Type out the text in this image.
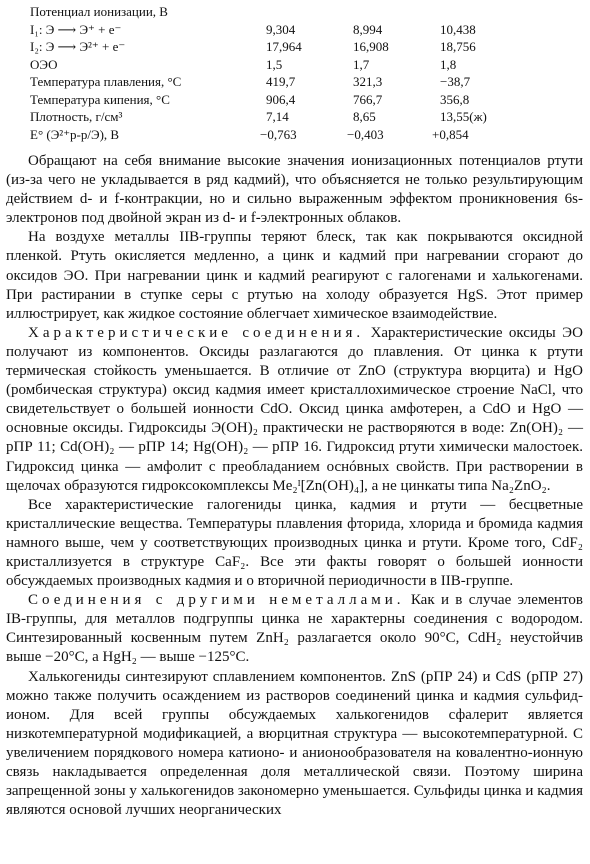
Потенциал ионизации, В
I₁: Э ⟶ Э⁺ + e⁻	9,304	8,994	10,438
I₂: Э ⟶ Э²⁺ + e⁻	17,964	16,908	18,756
ОЭО	1,5	1,7	1,8
Температура плавления, °С	419,7	321,3	−38,7
Температура кипения, °С	906,4	766,7	356,8
Плотность, г/см³	7,14	8,65	13,55(ж)
E° (Э²⁺р-р/Э), В	−0,763	−0,403	+0,854

Обращают на себя внимание высокие значения ионизационных потенциалов ртути (из-за чего не укладывается в ряд кадмий), что объясняется не только результирующим действием d- и f-контракции, но и сильно выраженным эффектом проникновения 6s-электронов под двойной экран из d- и f-электронных облаков.

На воздухе металлы IIB-группы теряют блеск, так как покрываются оксидной пленкой. Ртуть окисляется медленно, а цинк и кадмий при нагревании сгорают до оксидов ЭО. При нагревании цинк и кадмий реагируют с галогенами и халькогенами. При растирании в ступке серы с ртутью на холоду образуется HgS. Этот пример иллюстрирует, как жидкое состояние облегчает химическое взаимодействие.

Характеристические соединения. Характеристические оксиды ЭО получают из компонентов. Оксиды разлагаются до плавления. От цинка к ртути термическая стойкость уменьшается. В отличие от ZnO (структура вюрцита) и HgO (ромбическая структура) оксид кадмия имеет кристаллохимическое строение NaCl, что свидетельствует о большей ионности CdO. Оксид цинка амфотерен, а CdO и HgO — основные оксиды. Гидроксиды Э(OH)₂ практически не растворяются в воде: Zn(OH)₂ — рПР 11; Cd(OH)₂ — рПР 14; Hg(OH)₂ — рПР 16. Гидроксид ртути химически малостоек. Гидроксид цинка — амфолит с преобладанием оснóвных свойств. При растворении в щелочах образуются гидроксокомплексы Me₂ᴵ[Zn(OH)₄], а не цинкаты типа Na₂ZnO₂.

Все характеристические галогениды цинка, кадмия и ртути — бесцветные кристаллические вещества. Температуры плавления фторида, хлорида и бромида кадмия намного выше, чем у соответствующих производных цинка и ртути. Кроме того, CdF₂ кристаллизуется в структуре CaF₂. Все эти факты говорят о большей ионности обсуждаемых производных кадмия и о вторичной периодичности в IIB-группе.

Соединения с другими неметаллами. Как и в случае элементов IB-группы, для металлов подгруппы цинка не характерны соединения с водородом. Синтезированный косвенным путем ZnH₂ разлагается около 90°С, CdH₂ неустойчив выше −20°С, а HgH₂ — выше −125°С.

Халькогениды синтезируют сплавлением компонентов. ZnS (рПР 24) и CdS (рПР 27) можно также получить осаждением из растворов соединений цинка и кадмия сульфид-ионом. Для всей группы обсуждаемых халькогенидов сфалерит является низкотемпературной модификацией, а вюрцитная структура — высокотемпературной. С увеличением порядкового номера катионо- и анионообразователя на ковалентно-ионную связь накладывается определенная доля металлической связи. Поэтому ширина запрещенной зоны у халькогенидов закономерно уменьшается. Сульфиды цинка и кадмия являются основой лучших неорганических
